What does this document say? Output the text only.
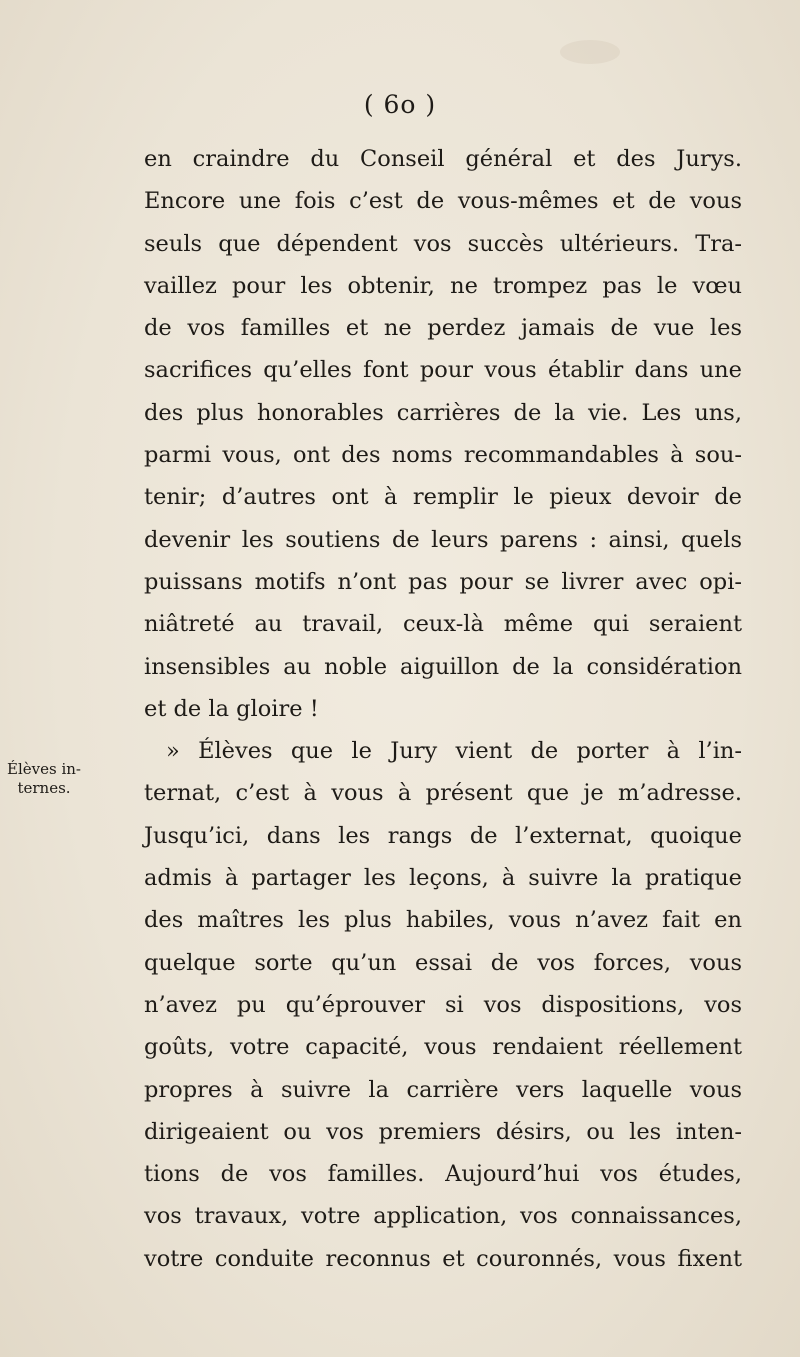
( 6o )
Élèves in-
ternes.
en craindre du Conseil général et des Jurys.
Encore une fois c’est de vous-mêmes et de vous
seuls que dépendent vos succès ultérieurs. Tra-
vaillez pour les obtenir, ne trompez pas le vœu
de vos familles et ne perdez jamais de vue les
sacrifices qu’elles font pour vous établir dans une
des plus honorables carrières de la vie. Les uns,
parmi vous, ont des noms recommandables à sou-
tenir; d’autres ont à remplir le pieux devoir de
devenir les soutiens de leurs parens : ainsi, quels
puissans motifs n’ont pas pour se livrer avec opi-
niâtreté au travail, ceux-là même qui seraient
insensibles au noble aiguillon de la considération
et de la gloire !
» Élèves que le Jury vient de porter à l’in-
ternat, c’est à vous à présent que je m’adresse.
Jusqu’ici, dans les rangs de l’externat, quoique
admis à partager les leçons, à suivre la pratique
des maîtres les plus habiles, vous n’avez fait en
quelque sorte qu’un essai de vos forces, vous
n’avez pu qu’éprouver si vos dispositions, vos
goûts, votre capacité, vous rendaient réellement
propres à suivre la carrière vers laquelle vous
dirigeaient ou vos premiers désirs, ou les inten-
tions de vos familles. Aujourd’hui vos études,
vos travaux, votre application, vos connaissances,
votre conduite reconnus et couronnés, vous fixent
